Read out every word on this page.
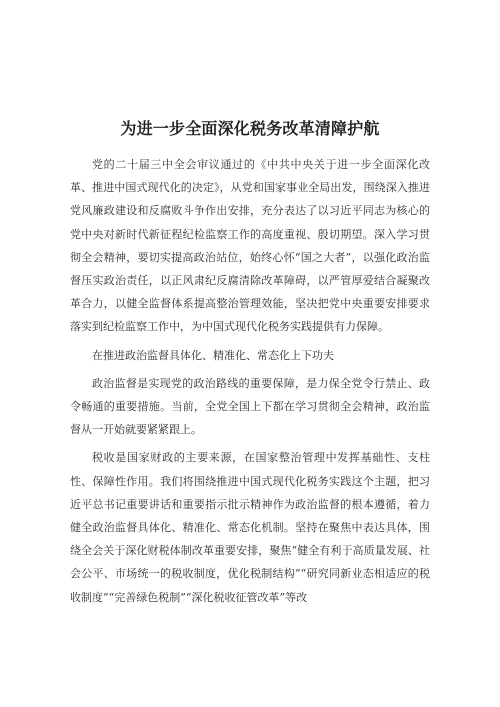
为进一步全面深化税务改革清障护航

党的二十届三中全会审议通过的《中共中央关于进一步全面深化改革、推进中国式现代化的决定》，从党和国家事业全局出发，围绕深入推进党风廉政建设和反腐败斗争作出安排，充分表达了以习近平同志为核心的党中央对新时代新征程纪检监察工作的高度重视、殷切期望。深入学习贯彻全会精神，要切实提高政治站位，始终心怀“国之大者”，以强化政治监督压实政治责任，以正风肃纪反腐清除改革障碍，以严管厚爱结合凝聚改革合力，以健全监督体系提高整治管理效能，坚决把党中央重要安排要求落实到纪检监察工作中，为中国式现代化税务实践提供有力保障。

在推进政治监督具体化、精准化、常态化上下功夫

政治监督是实现党的政治路线的重要保障，是力保全党令行禁止、政令畅通的重要措施。当前，全党全国上下都在学习贯彻全会精神，政治监督从一开始就要紧紧跟上。

税收是国家财政的主要来源，在国家整治管理中发挥基础性、支柱性、保障性作用。我们将围绕推进中国式现代化税务实践这个主题，把习近平总书记重要讲话和重要指示批示精神作为政治监督的根本遵循，着力健全政治监督具体化、精准化、常态化机制。坚持在聚焦中表达具体，围绕全会关于深化财税体制改革重要安排，聚焦“健全有利于高质量发展、社会公平、市场统一的税收制度，优化税制结构”“研究同新业态相适应的税收制度”“完善绿色税制”“深化税收征管改革”等改
